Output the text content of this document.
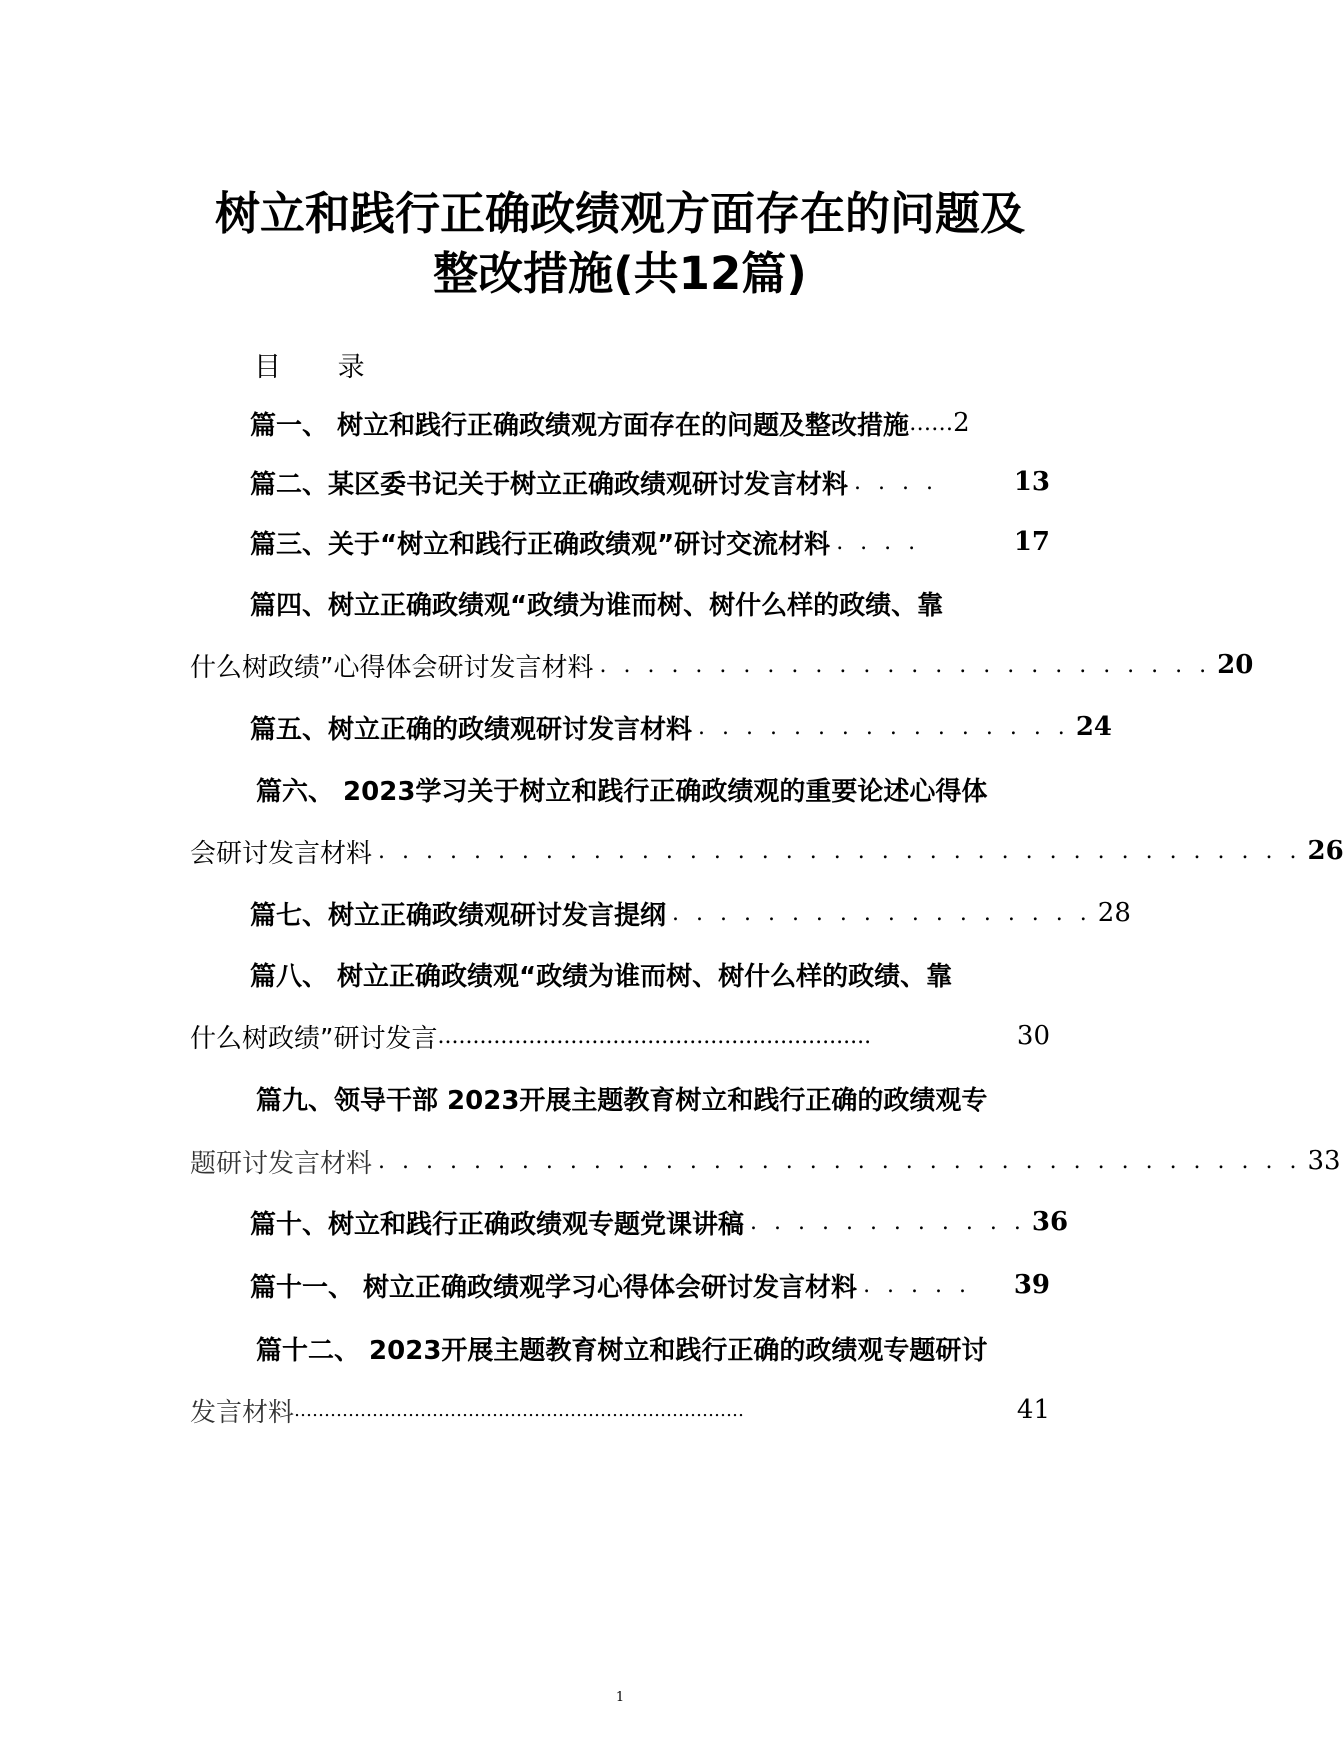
树立和践行正确政绩观方面存在的问题及
整改措施(共12篇)
目 录
篇一、 树立和践行正确政绩观方面存在的问题及整改措施 …… 2
篇二、某区委书记关于树立正确政绩观研讨发言材料 . . . .	13
篇三、关于“树立和践行正确政绩观”研讨交流材料 . . . .	17
篇四、树立正确政绩观“政绩为谁而树、树什么样的政绩、靠
什么树政绩”心得体会研讨发言材料 . . . . . . . . . . . . . . . . . . . . . . . . . . 20
篇五、树立正确的政绩观研讨发言材料 . . . . . . . . . . . . . . . . 24
篇六、 2023学习关于树立和践行正确政绩观的重要论述心得体
会研讨发言材料 . . . . . . . . . . . . . . . . . . . . . . . . . . . . . . . . . . . . . . . 26
篇七、树立正确政绩观研讨发言提纲 . . . . . . . . . . . . . . . . . . 28
篇八、 树立正确政绩观“政绩为谁而树、树什么样的政绩、靠
什么树政绩”研讨发言 ..............................................................	30
篇九、领导干部 2023开展主题教育树立和践行正确的政绩观专
题研讨发言材料 . . . . . . . . . . . . . . . . . . . . . . . . . . . . . . . . . . . . . . . 33
篇十、树立和践行正确政绩观专题党课讲稿 . . . . . . . . . . . . 36
篇十一、 树立正确政绩观学习心得体会研讨发言材料 . . . . .	39
篇十二、 2023开展主题教育树立和践行正确的政绩观专题研讨
发言材料 …………………………………………………………………	41
1
